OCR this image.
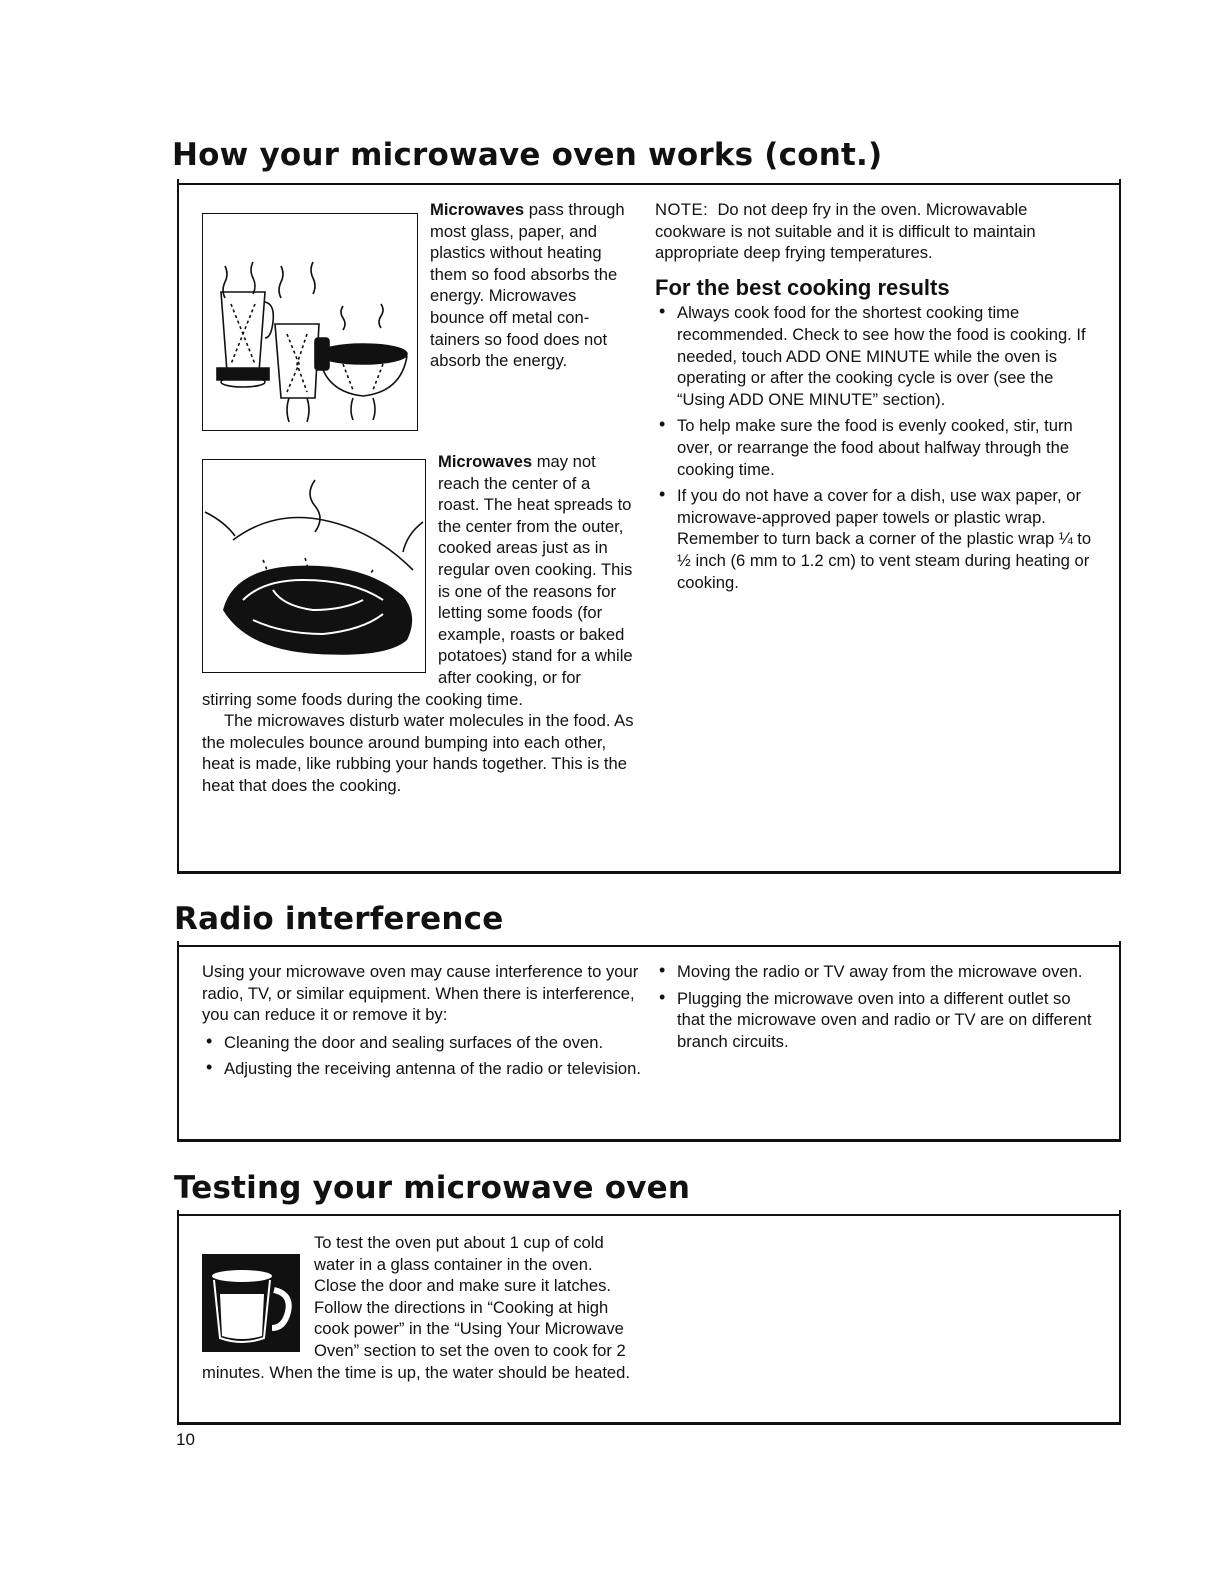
How your microwave oven works (cont.)

Microwaves pass through most glass, paper, and plastics without heating them so food absorbs the energy. Microwaves bounce off metal con-tainers so food does not absorb the energy.

Microwaves may not reach the center of a roast. The heat spreads to the center from the outer, cooked areas just as in regular oven cooking. This is one of the reasons for letting some foods (for example, roasts or baked potatoes) stand for a while after cooking, or for stirring some foods during the cooking time.

The microwaves disturb water molecules in the food. As the molecules bounce around bumping into each other, heat is made, like rubbing your hands together. This is the heat that does the cooking.

NOTE: Do not deep fry in the oven. Microwavable cookware is not suitable and it is difficult to maintain appropriate deep frying temperatures.

For the best cooking results
• Always cook food for the shortest cooking time recommended. Check to see how the food is cooking. If needed, touch ADD ONE MINUTE while the oven is operating or after the cooking cycle is over (see the “Using ADD ONE MINUTE” section).
• To help make sure the food is evenly cooked, stir, turn over, or rearrange the food about halfway through the cooking time.
• If you do not have a cover for a dish, use wax paper, or microwave-approved paper towels or plastic wrap. Remember to turn back a corner of the plastic wrap ¼ to ½ inch (6 mm to 1.2 cm) to vent steam during heating or cooking.
Radio interference

Using your microwave oven may cause interference to your radio, TV, or similar equipment. When there is interference, you can reduce it or remove it by:

• Cleaning the door and sealing surfaces of the oven.
• Adjusting the receiving antenna of the radio or television.
• Moving the radio or TV away from the microwave oven.
• Plugging the microwave oven into a different outlet so that the microwave oven and radio or TV are on different branch circuits.
Testing your microwave oven

To test the oven put about 1 cup of cold water in a glass container in the oven. Close the door and make sure it latches. Follow the directions in “Cooking at high cook power” in the “Using Your Microwave Oven” section to set the oven to cook for 2 minutes. When the time is up, the water should be heated.

10
